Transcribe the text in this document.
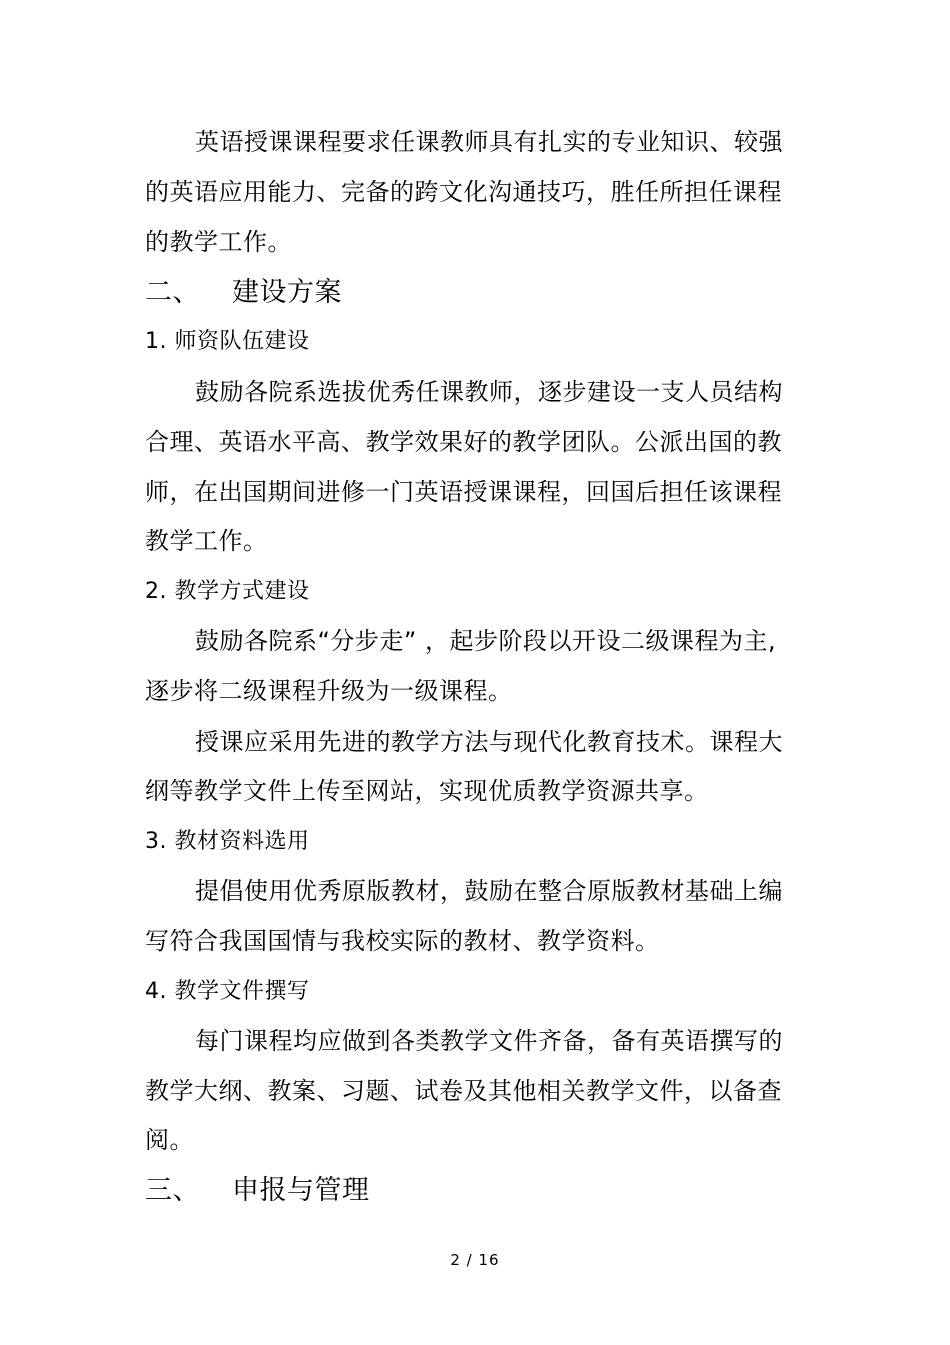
英语授课课程要求任课教师具有扎实的专业知识、较强

的英语应用能力、完备的跨文化沟通技巧，胜任所担任课程

的教学工作。

二、 建设方案

1. 师资队伍建设

鼓励各院系选拔优秀任课教师，逐步建设一支人员结构

合理、英语水平高、教学效果好的教学团队。公派出国的教

师，在出国期间进修一门英语授课课程，回国后担任该课程

教学工作。

2. 教学方式建设

鼓励各院系“分步走” ，起步阶段以开设二级课程为主,

逐步将二级课程升级为一级课程。

授课应采用先进的教学方法与现代化教育技术。课程大

纲等教学文件上传至网站，实现优质教学资源共享。

3. 教材资料选用

提倡使用优秀原版教材，鼓励在整合原版教材基础上编

写符合我国国情与我校实际的教材、教学资料。

4. 教学文件撰写

每门课程均应做到各类教学文件齐备，备有英语撰写的

教学大纲、教案、习题、试卷及其他相关教学文件，以备查

阅。

三、 申报与管理
2 / 16
